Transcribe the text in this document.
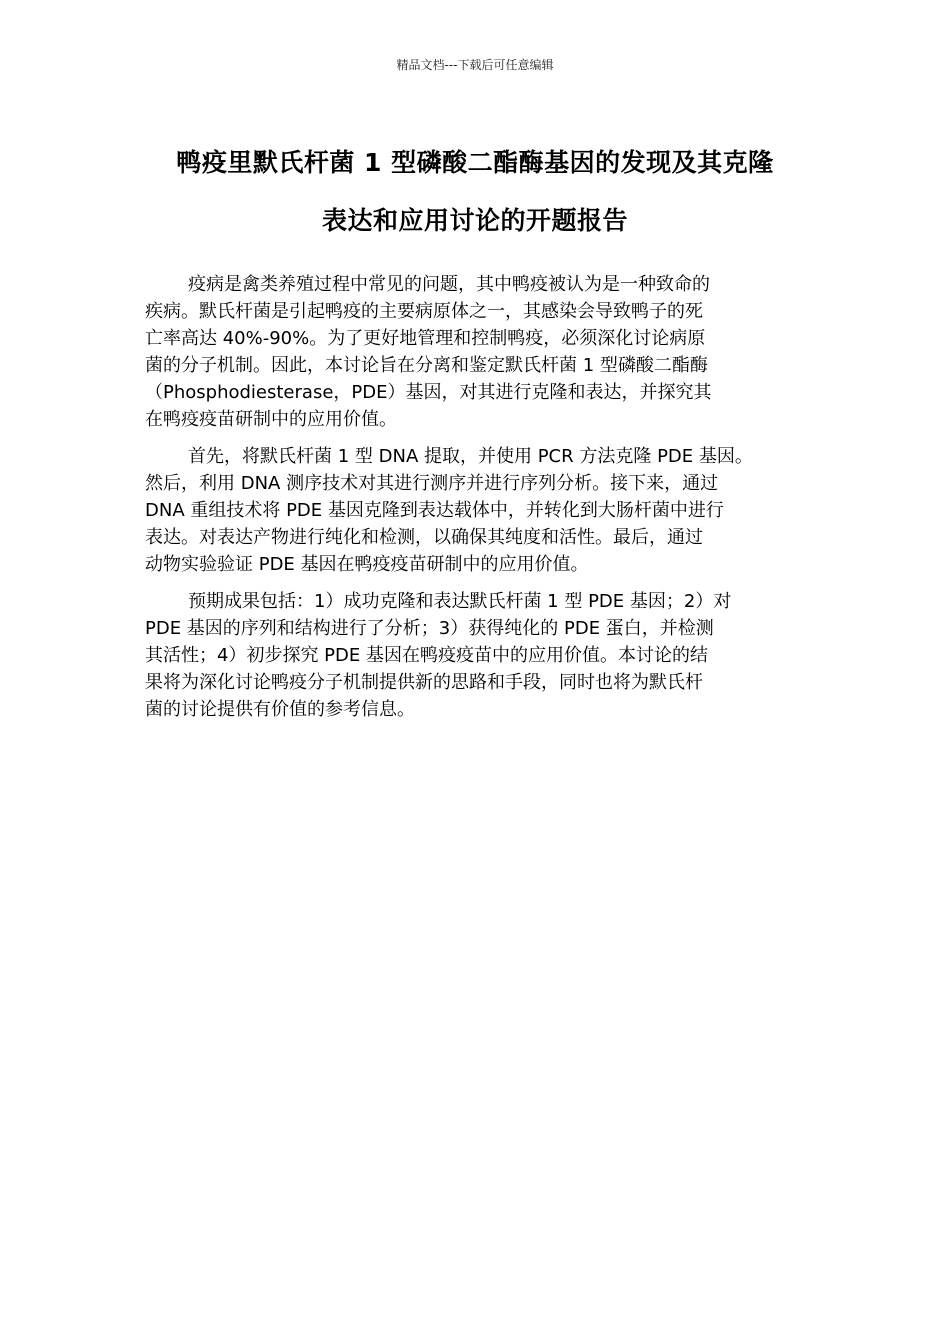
精品文档---下载后可任意编辑
鸭疫里默氏杆菌 1 型磷酸二酯酶基因的发现及其克隆
表达和应用讨论的开题报告

疫病是禽类养殖过程中常见的问题，其中鸭疫被认为是一种致命的
疾病。默氏杆菌是引起鸭疫的主要病原体之一，其感染会导致鸭子的死
亡率高达 40%-90%。为了更好地管理和控制鸭疫，必须深化讨论病原
菌的分子机制。因此，本讨论旨在分离和鉴定默氏杆菌 1 型磷酸二酯酶
（Phosphodiesterase，PDE）基因，对其进行克隆和表达，并探究其
在鸭疫疫苗研制中的应用价值。

首先，将默氏杆菌 1 型 DNA 提取，并使用 PCR 方法克隆 PDE 基因。
然后，利用 DNA 测序技术对其进行测序并进行序列分析。接下来，通过
DNA 重组技术将 PDE 基因克隆到表达载体中，并转化到大肠杆菌中进行
表达。对表达产物进行纯化和检测，以确保其纯度和活性。最后，通过
动物实验验证 PDE 基因在鸭疫疫苗研制中的应用价值。

预期成果包括：1）成功克隆和表达默氏杆菌 1 型 PDE 基因；2）对
PDE 基因的序列和结构进行了分析；3）获得纯化的 PDE 蛋白，并检测
其活性；4）初步探究 PDE 基因在鸭疫疫苗中的应用价值。本讨论的结
果将为深化讨论鸭疫分子机制提供新的思路和手段，同时也将为默氏杆
菌的讨论提供有价值的参考信息。
